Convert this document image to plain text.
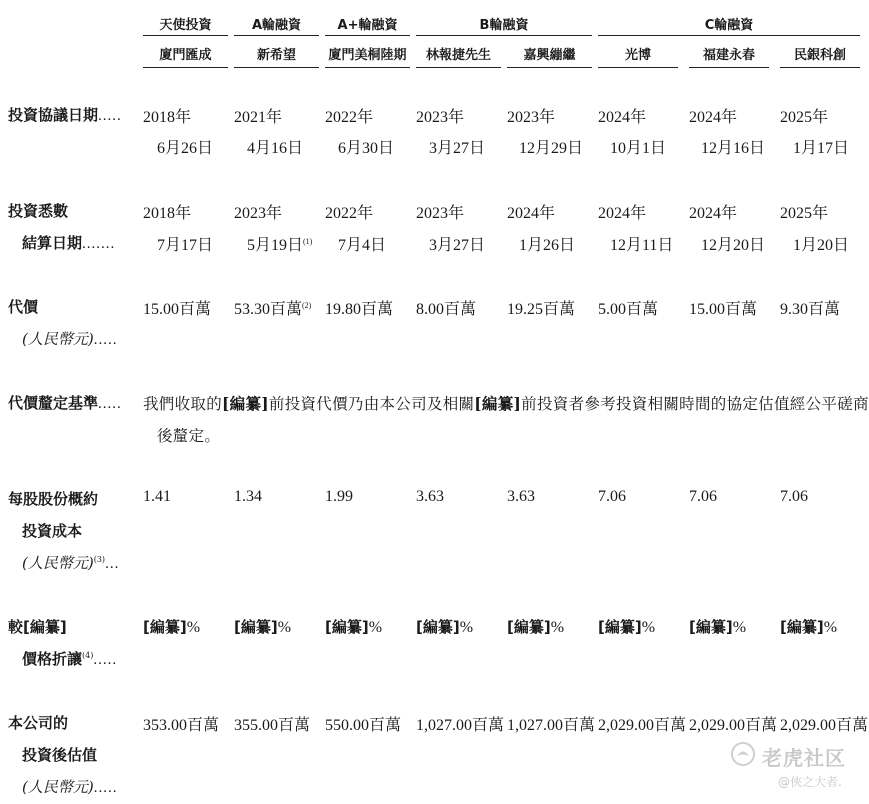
天使投資	A輪融資	A+輪融資	B輪融資	C輪融資
廈門匯成	新希望	廈門美桐陸期	林報捷先生	嘉興繃繼	光博	福建永春	民銀科創
投資協議日期..... 2018年	2021年	2022年	2023年	2023年	2024年	2024年	2025年
6月26日 4月16日 6月30日 3月27日 12月29日 10月1日 12月16日 1月17日
投資悉數
結算日期.......
2018年	2023年	2022年	2023年	2024年	2024年	2024年	2025年
7月17日 5月19日$^{(1)}$ 7月4日	3月27日 1月26日 12月11日 12月20日 1月20日
代價
(人民幣元).....
15.00百萬 53.30百萬$^{(2)}$ 19.80百萬 8.00百萬 19.25百萬 5.00百萬 15.00百萬 9.30百萬
代價釐定基準..... 我們收取的[編纂]前投資代價乃由本公司及相關[編纂]前投資者參考投資相關時間的協定估值經公平磋商
後釐定。
每股股份概約
投資成本
(人民幣元)$^{(3)}$...
1.41	1.34	1.99	3.63	3.63	7.06	7.06	7.06
較[編纂]
價格折讓$^{(4)}$.....
[編纂]% [編纂]% [編纂]% [編纂]% [編纂]% [編纂]% [編纂]% [編纂]%
本公司的
投資後估值
(人民幣元).....
353.00百萬 355.00百萬 550.00百萬 1,027.00百萬 1,027.00百萬 2,029.00百萬 2,029.00百萬 2,029.00百萬
老虎社区
@俠之大者.
